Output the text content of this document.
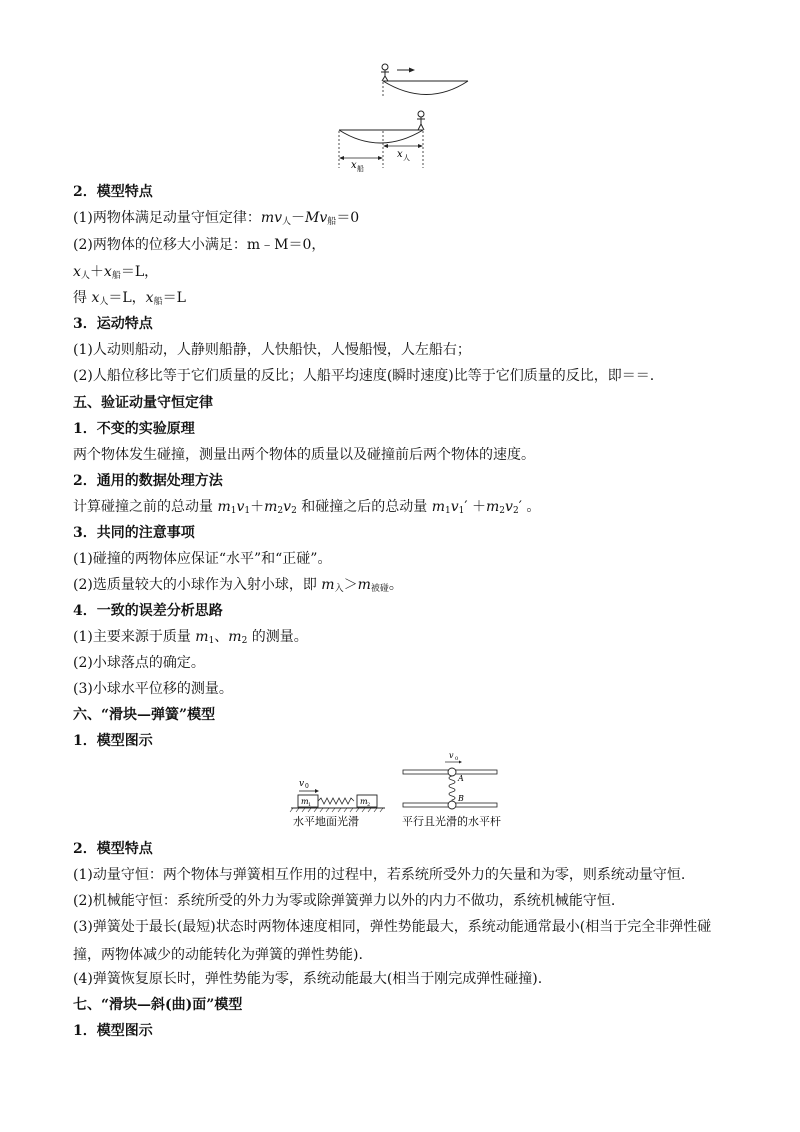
x 船
x 人
2．模型特点
(1)两物体满足动量守恒定律：$mv_人-Mv_船=0$
(2)两物体的位移大小满足：m﹣M＝0，
$x_人+x_船=L$，
得 $x_人=L$，$x_船=L$
3．运动特点
(1)人动则船动，人静则船静，人快船快，人慢船慢，人左船右；
(2)人船位移比等于它们质量的反比；人船平均速度(瞬时速度)比等于它们质量的反比，即＝＝.
五、验证动量守恒定律
1．不变的实验原理
两个物体发生碰撞，测量出两个物体的质量以及碰撞前后两个物体的速度。
2．通用的数据处理方法
计算碰撞之前的总动量 $m_1v_1+m_2v_2$ 和碰撞之后的总动量 $m_1v_1' +m_2v_2'$ 。
3．共同的注意事项
(1)碰撞的两物体应保证“水平”和“正碰”。
(2)选质量较大的小球作为入射小球，即 $m_入>m_{被碰}$。
4．一致的误差分析思路
(1)主要来源于质量 $m_1$、$m_2$ 的测量。
(2)小球落点的确定。
(3)小球水平位移的测量。
六、“滑块—弹簧”模型
1．模型图示
v 0
m 1	m 2
水平地面光滑
v 0
A
B
平行且光滑的水平杆
2．模型特点
(1)动量守恒：两个物体与弹簧相互作用的过程中，若系统所受外力的矢量和为零，则系统动量守恒.
(2)机械能守恒：系统所受的外力为零或除弹簧弹力以外的内力不做功，系统机械能守恒.
(3)弹簧处于最长(最短)状态时两物体速度相同，弹性势能最大，系统动能通常最小(相当于完全非弹性碰撞，两物体减少的动能转化为弹簧的弹性势能).
(4)弹簧恢复原长时，弹性势能为零，系统动能最大(相当于刚完成弹性碰撞).
七、“滑块—斜(曲)面”模型
1．模型图示
